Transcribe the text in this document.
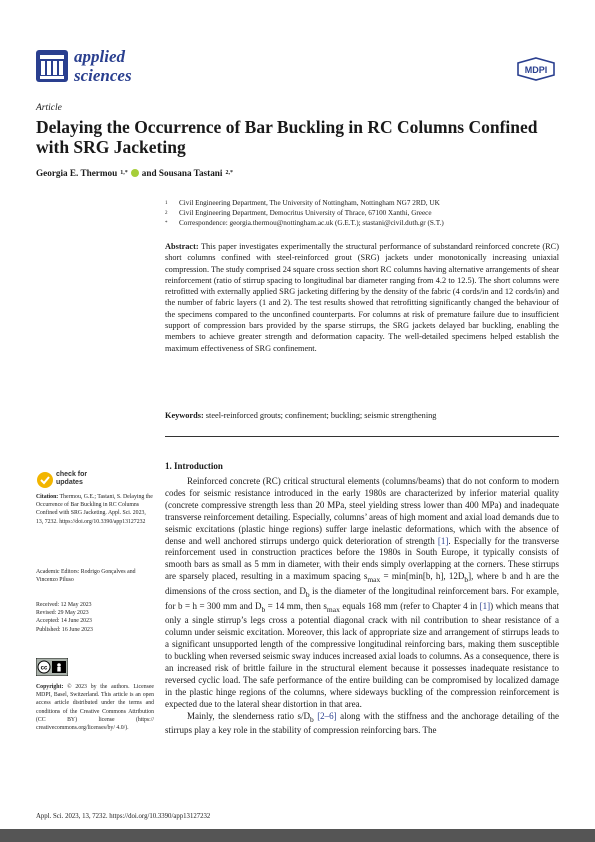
applied
sciences	MDPI
Article
Delaying the Occurrence of Bar Buckling in RC Columns Confined with SRG Jacketing
Georgia E. Thermou 1,* and Sousana Tastani 2,*
1 Civil Engineering Department, The University of Nottingham, Nottingham NG7 2RD, UK
2 Civil Engineering Department, Democritus University of Thrace, 67100 Xanthi, Greece
* Correspondence: georgia.thermou@nottingham.ac.uk (G.E.T.); stastani@civil.duth.gr (S.T.)
Abstract: This paper investigates experimentally the structural performance of substandard reinforced concrete (RC) short columns confined with steel-reinforced grout (SRG) jackets under monotonically increasing uniaxial compression. The study comprised 24 square cross section short RC columns having alternative arrangements of shear reinforcement (ratio of stirrup spacing to longitudinal bar diameter ranging from 4.2 to 12.5). The short columns were retrofitted with externally applied SRG jacketing differing by the density of the fabric (4 cords/in and 12 cords/in) and the number of fabric layers (1 and 2). The test results showed that retrofitting significantly changed the behaviour of the specimens compared to the unconfined counterparts. For columns at risk of premature failure due to insufficient support of compression bars provided by the sparse stirrups, the SRG jackets delayed bar buckling, enabling the members to achieve greater strength and deformation capacity. The well-detailed specimens helped establish the maximum effectiveness of SRG confinement.
Keywords: steel-reinforced grouts; confinement; buckling; seismic strengthening
check for
updates
Citation: Thermou, G.E.; Tastani, S. Delaying the Occurrence of Bar Buckling in RC Columns Confined with SRG Jacketing. Appl. Sci. 2023, 13, 7232. https://doi.org/10.3390/app13127232
Academic Editors: Rodrigo Gonçalves and Vincenzo Piluso
Received: 12 May 2023
Revised: 29 May 2023
Accepted: 14 June 2023
Published: 16 June 2023
cc
Copyright: © 2023 by the authors. Licensee MDPI, Basel, Switzerland. This article is an open access article distributed under the terms and conditions of the Creative Commons Attribution (CC BY) license (https:// creativecommons.org/licenses/by/ 4.0/).
1. Introduction

Reinforced concrete (RC) critical structural elements (columns/beams) that do not conform to modern codes for seismic resistance introduced in the early 1980s are characterized by inferior material quality (concrete compressive strength less than 20 MPa, steel yielding stress lower than 400 MPa) and inadequate transverse reinforcement detailing. Especially, columns’ areas of high moment and axial load demands due to seismic excitations (plastic hinge regions) suffer large inelastic deformations, which with the absence of dense and well anchored stirrups undergo quick deterioration of strength [1]. Especially for the transverse reinforcement used in construction practices before the 1980s in South Europe, it typically consists of smooth bars as small as 5 mm in diameter, with their ends simply overlapping at the corners. These stirrups are sparsely placed, resulting in a maximum spacing $s_{max} = \min[\min[b$, h], $12D_b$], where b and h are the dimensions of the cross section, and $D_b$ is the diameter of the longitudinal reinforcement bars. For example, for b = h = 300 mm and $D_b = 14$ mm, then $s_{max}$ equals 168 mm (refer to Chapter 4 in [1]) which means that only a single stirrup’s legs cross a potential diagonal crack with nil contribution to shear resistance of a column under seismic excitation. Moreover, this lack of appropriate size and arrangement of stirrups leads to a significant unsupported length of the compressive longitudinal reinforcing bars, making them susceptible to buckling when reversed seismic sway induces increased axial loads to columns. As a consequence, there is an increased risk of brittle failure in the structural element because it possesses inadequate resistance to reversed cyclic load. The safe performance of the entire building can be compromised by localized damage in the plastic hinge regions of the columns, where sideways buckling of the compression reinforcement is expected due to the lateral shear distortion in that area.

Mainly, the slenderness ratio $s/D_b$ [2–6] along with the stiffness and the anchorage detailing of the stirrups play a key role in the stability of compression reinforcing bars. The

Appl. Sci. 2023, 13, 7232. https://doi.org/10.3390/app13127232
